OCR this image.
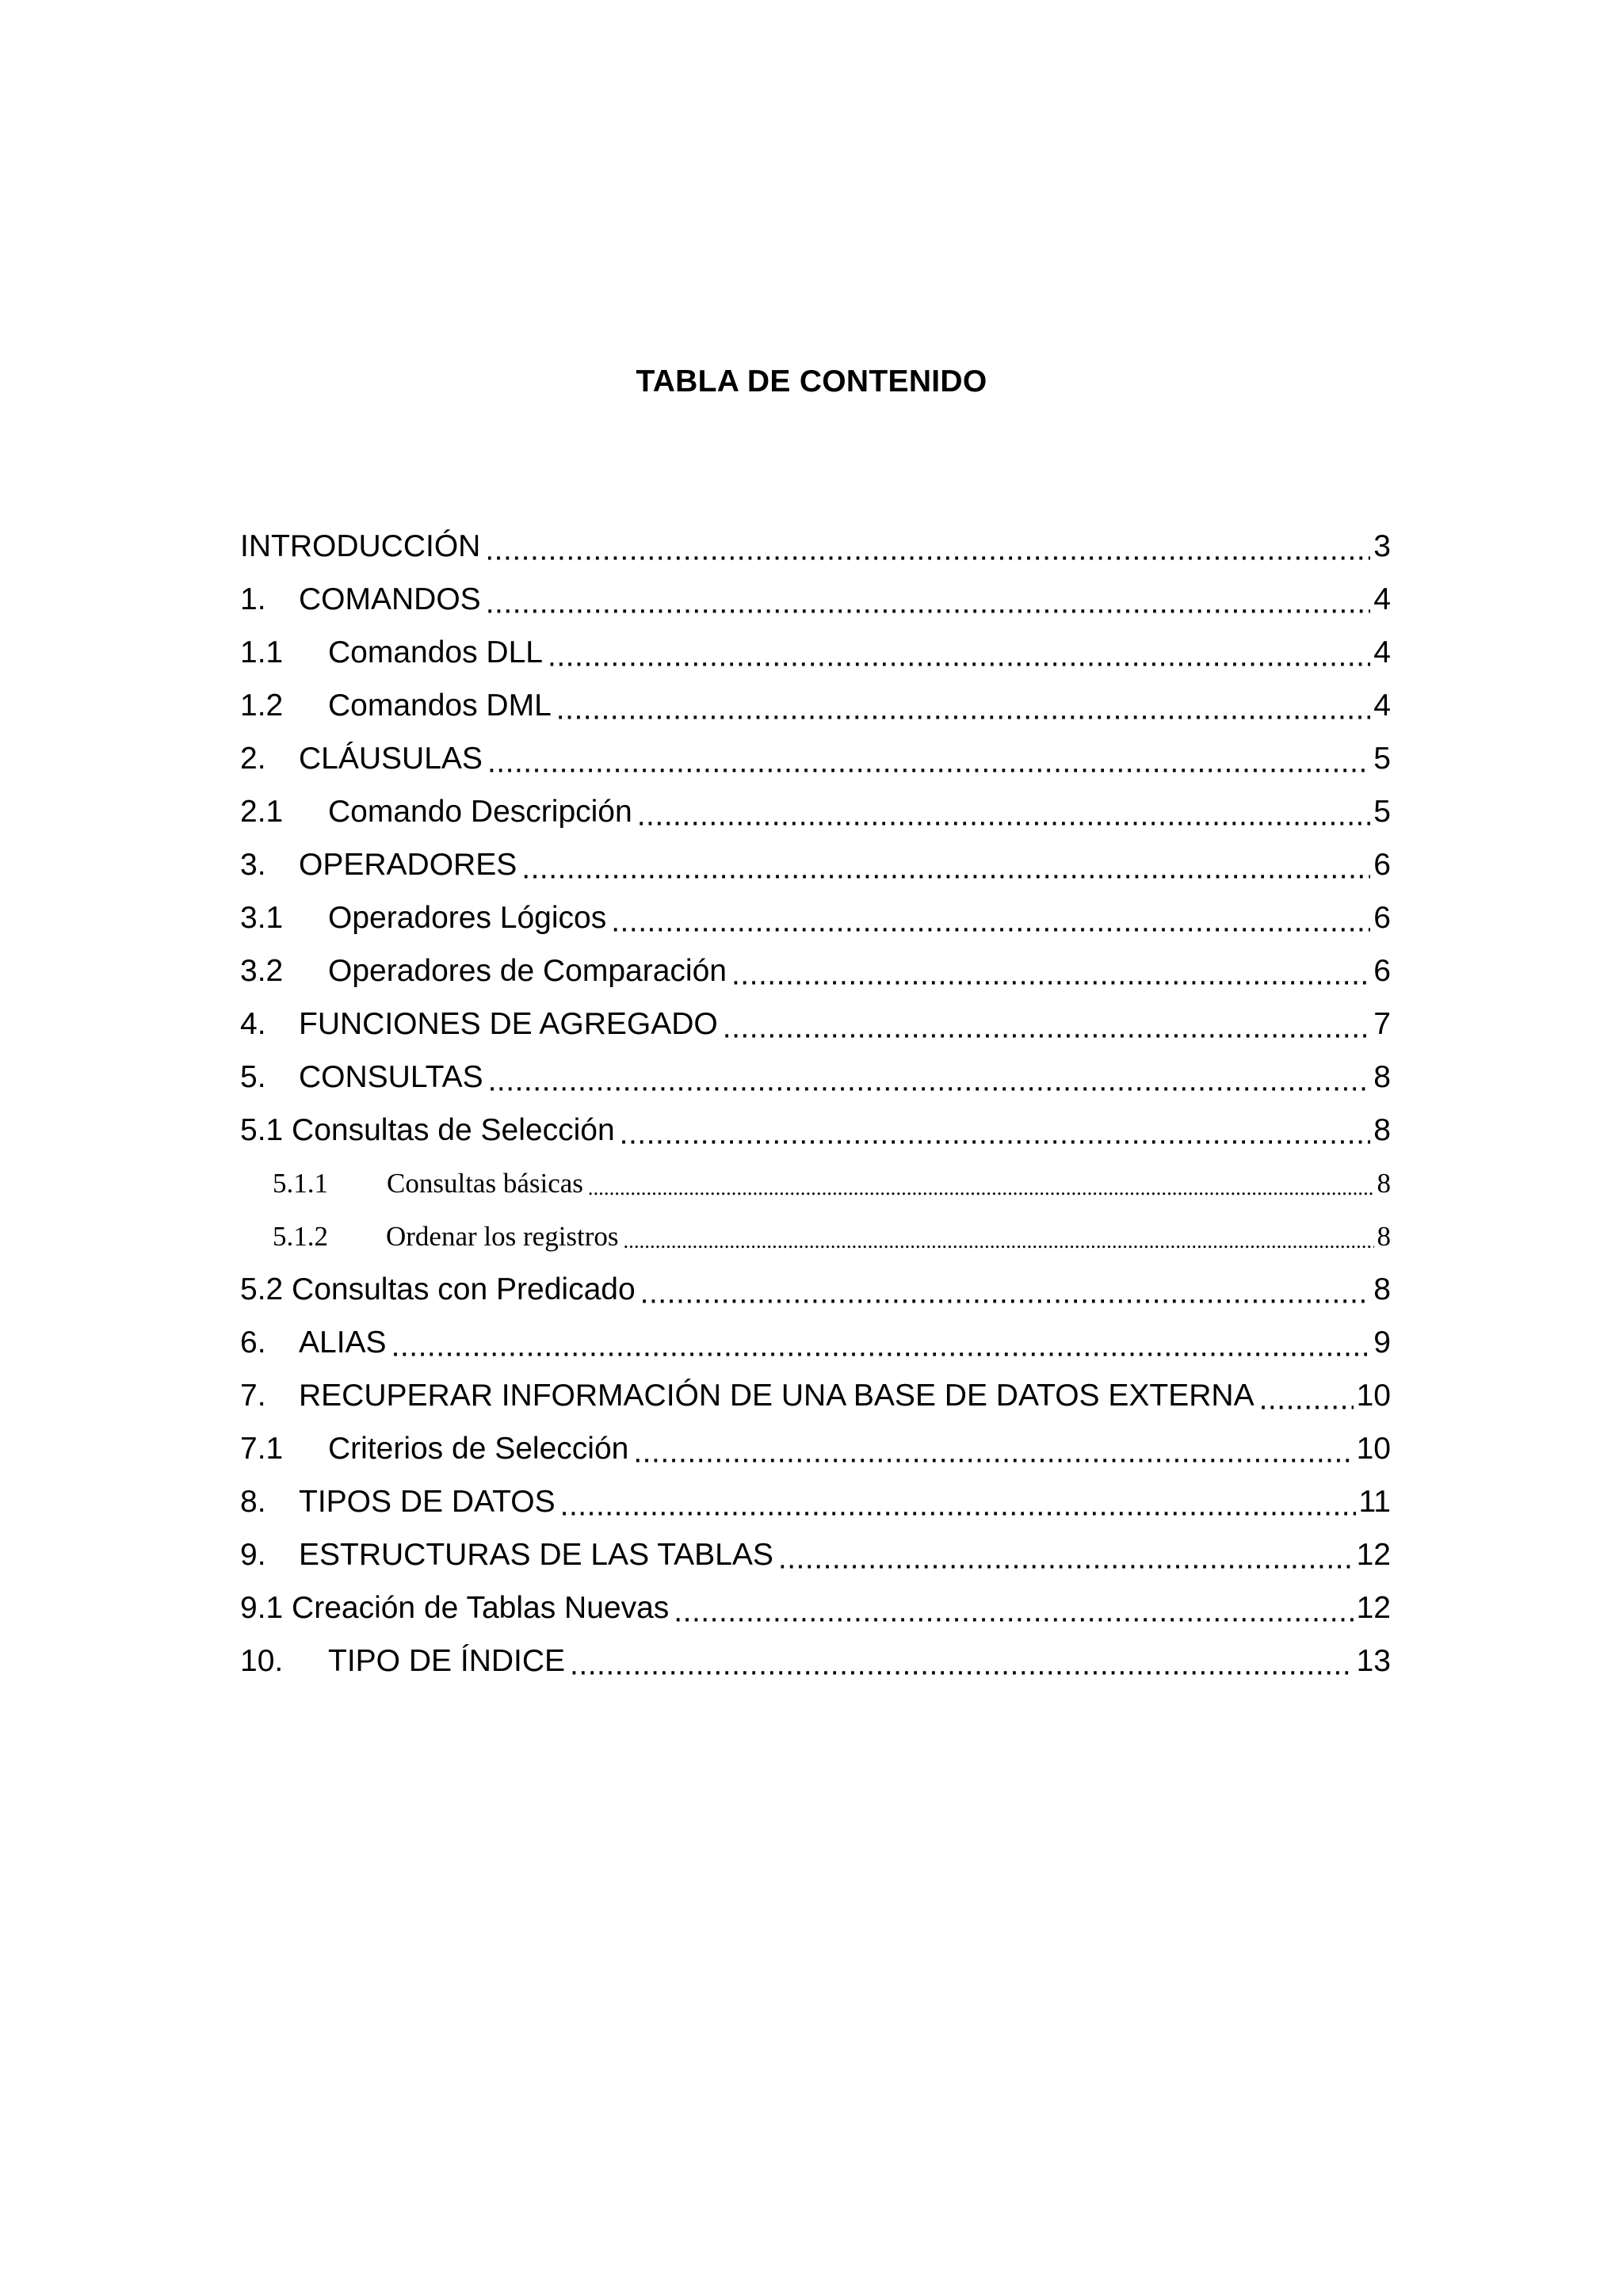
TABLA DE CONTENIDO
INTRODUCCIÓN .....	3
1.	COMANDOS .....	4
1.1	Comandos DLL .....	4
1.2	Comandos DML .....	4
2.	CLÁUSULAS .....	5
2.1	Comando Descripción .....	5
3.	OPERADORES .....	6
3.1	Operadores Lógicos .....	6
3.2	Operadores de Comparación .....	6
4.	FUNCIONES DE AGREGADO .....	7
5.	CONSULTAS .....	8
5.1 Consultas de Selección .....	8
5.1.1	Consultas básicas .....	8
5.1.2	Ordenar los registros .....	8
5.2 Consultas con Predicado .....	8
6.	ALIAS .....	9
7.	RECUPERAR INFORMACIÓN DE UNA BASE DE DATOS EXTERNA .....	10
7.1	Criterios de Selección .....	10
8.	TIPOS DE DATOS .....	11
9.	ESTRUCTURAS DE LAS TABLAS .....	12
9.1 Creación de Tablas Nuevas .....	12
10.	TIPO DE ÍNDICE .....	13
